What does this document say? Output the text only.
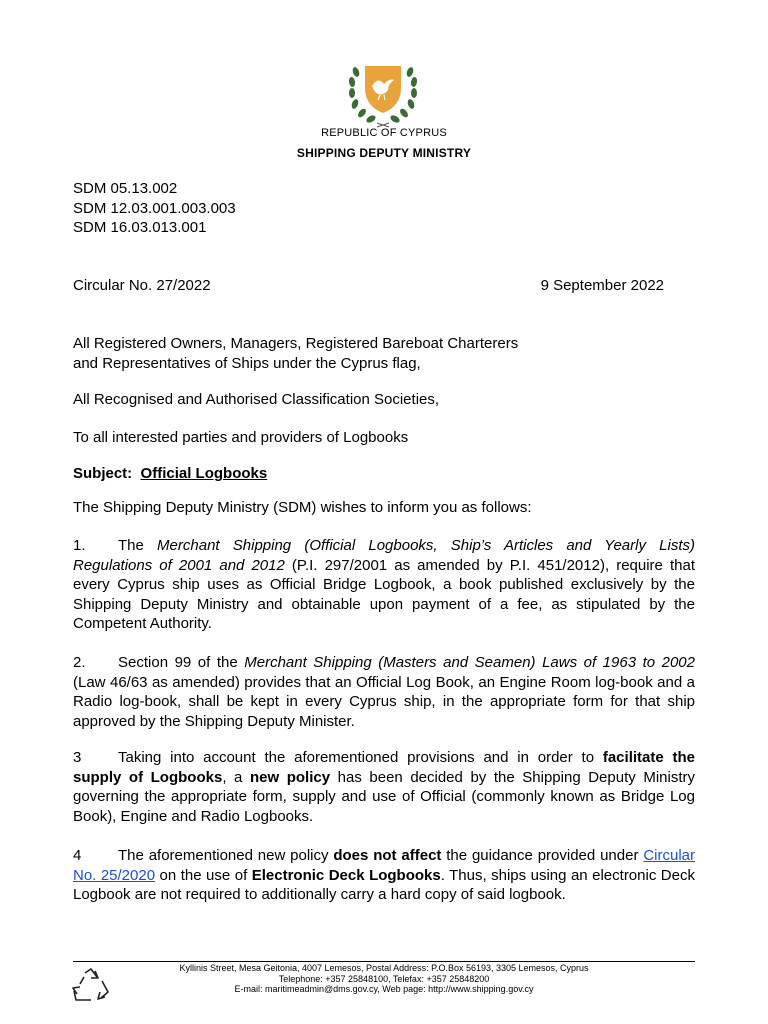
REPUBLIC OF CYPRUS
SHIPPING DEPUTY MINISTRY
SDM 05.13.002
SDM 12.03.001.003.003
SDM 16.03.013.001
Circular No. 27/2022	9 September 2022
All Registered Owners, Managers, Registered Bareboat Charterers
and Representatives of Ships under the Cyprus flag,
All Recognised and Authorised Classification Societies,
To all interested parties and providers of Logbooks
Subject: Official Logbooks
The Shipping Deputy Ministry (SDM) wishes to inform you as follows:
1. The Merchant Shipping (Official Logbooks, Ship’s Articles and Yearly Lists) Regulations of 2001 and 2012 (P.I. 297/2001 as amended by P.I. 451/2012), require that every Cyprus ship uses as Official Bridge Logbook, a book published exclusively by the Shipping Deputy Ministry and obtainable upon payment of a fee, as stipulated by the Competent Authority.
2. Section 99 of the Merchant Shipping (Masters and Seamen) Laws of 1963 to 2002 (Law 46/63 as amended) provides that an Official Log Book, an Engine Room log-book and a Radio log-book, shall be kept in every Cyprus ship, in the appropriate form for that ship approved by the Shipping Deputy Minister.
3 Taking into account the aforementioned provisions and in order to facilitate the supply of Logbooks, a new policy has been decided by the Shipping Deputy Ministry governing the appropriate form, supply and use of Official (commonly known as Bridge Log Book), Engine and Radio Logbooks.
4 The aforementioned new policy does not affect the guidance provided under Circular No. 25/2020 on the use of Electronic Deck Logbooks. Thus, ships using an electronic Deck Logbook are not required to additionally carry a hard copy of said logbook.
Kyllinis Street, Mesa Geitonia, 4007 Lemesos, Postal Address: P.O.Box 56193, 3305 Lemesos, Cyprus
Telephone: +357 25848100, Telefax: +357 25848200
E-mail: maritimeadmin@dms.gov.cy, Web page: http://www.shipping.gov.cy
